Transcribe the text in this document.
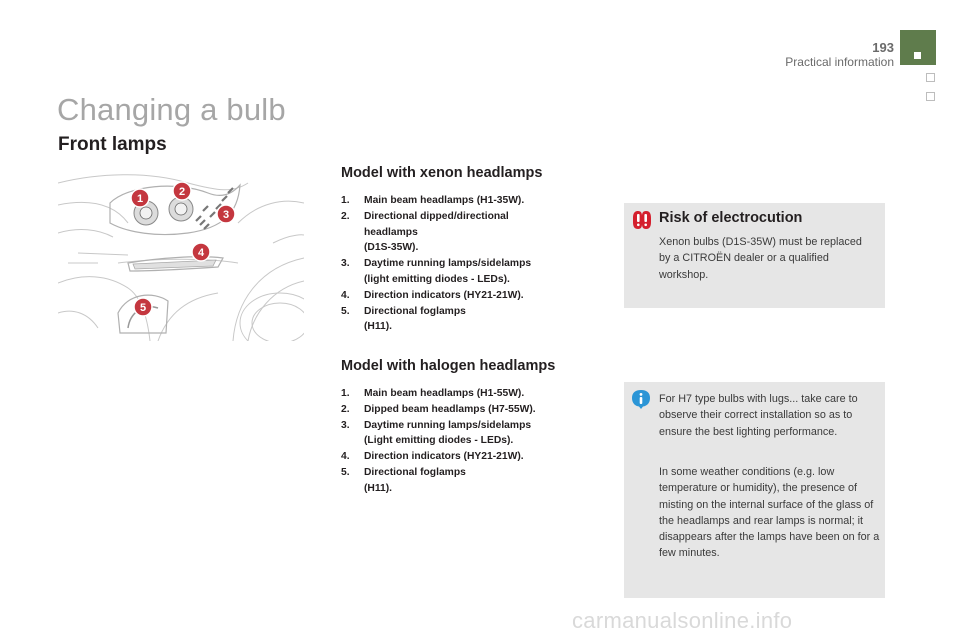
193
Practical information
Changing a bulb
Front lamps
1
2
3
4
5
Model with xenon headlamps
1. Main beam headlamps (H1-35W).
2. Directional dipped/directional
headlamps
(D1S-35W).
3. Daytime running lamps/sidelamps
(light emitting diodes - LEDs).
4. Direction indicators (HY21-21W).
5. Directional foglamps
(H11).
Model with halogen headlamps
1. Main beam headlamps (H1-55W).
2. Dipped beam headlamps (H7-55W).
3. Daytime running lamps/sidelamps
(Light emitting diodes - LEDs).
4. Direction indicators (HY21-21W).
5. Directional foglamps
(H11).
Risk of electrocution

Xenon bulbs (D1S-35W) must be replaced by a CITROËN dealer or a qualified workshop.

For H7 type bulbs with lugs... take care to observe their correct installation so as to ensure the best lighting performance.

In some weather conditions (e.g. low temperature or humidity), the presence of misting on the internal surface of the glass of the headlamps and rear lamps is normal; it disappears after the lamps have been on for a few minutes.

carmanualsonline.info
